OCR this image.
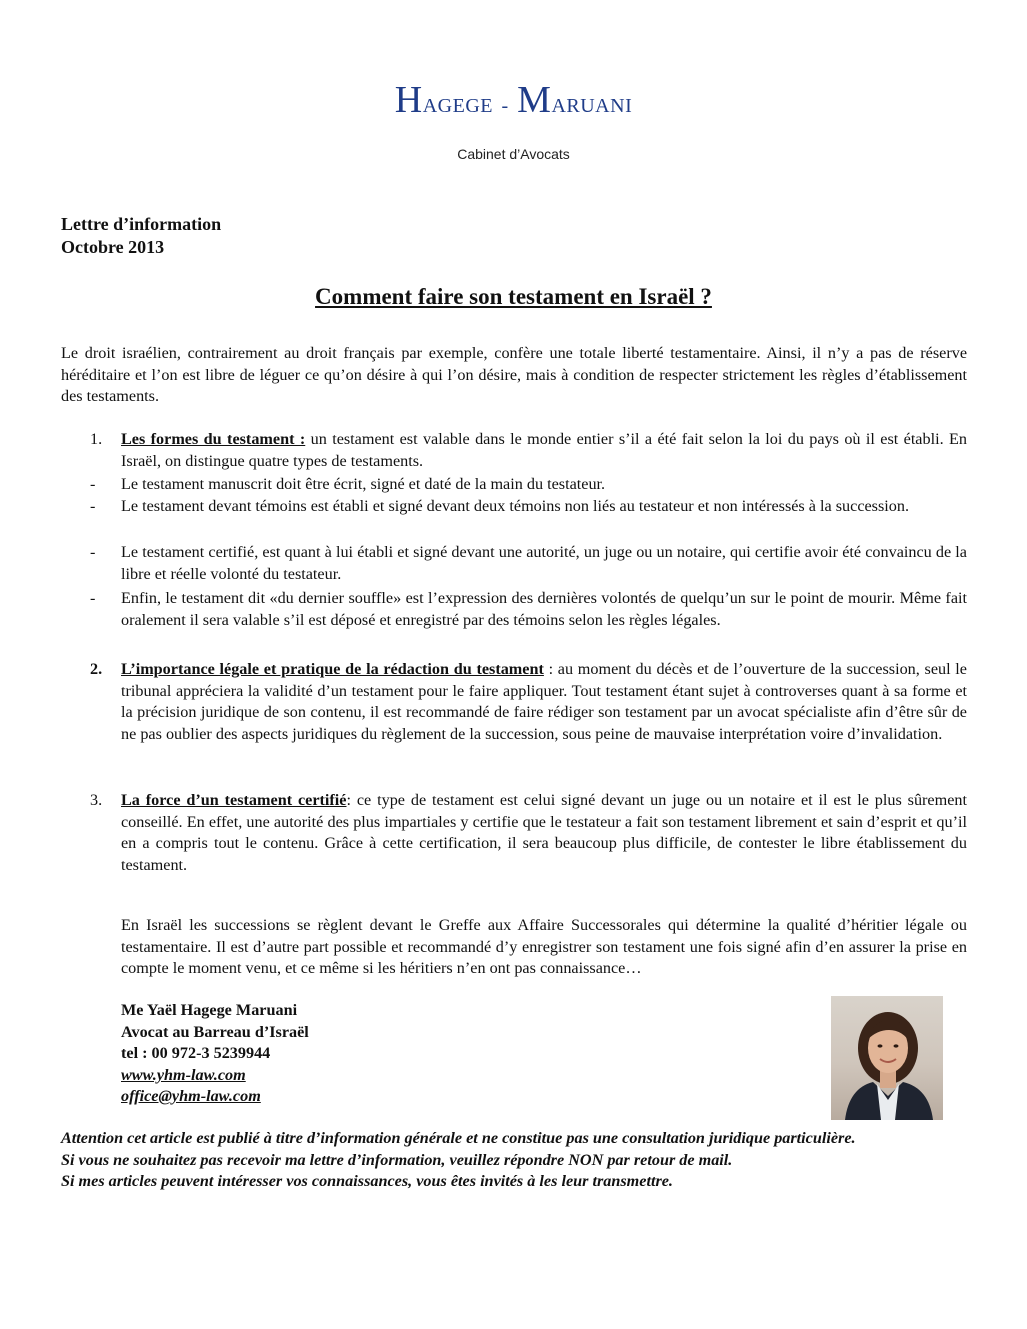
HAGEGE - MARUANI
Cabinet d’Avocats
Lettre d’information
Octobre 2013
Comment faire son testament en Israël ?
Le droit israélien, contrairement au droit français par exemple, confère une totale liberté testamentaire. Ainsi, il n’y a pas de réserve héréditaire et l’on est libre de léguer ce qu’on désire à qui l’on désire, mais à condition de respecter strictement les règles d’établissement des testaments.
1. Les formes du testament : un testament est valable dans le monde entier s’il a été fait selon la loi du pays où il est établi. En Israël, on distingue quatre types de testaments.
- Le testament manuscrit doit être écrit, signé et daté de la main du testateur.
- Le testament devant témoins est établi et signé devant deux témoins non liés au testateur et non intéressés à la succession.
- Le testament certifié, est quant à lui établi et signé devant une autorité, un juge ou un notaire, qui certifie avoir été convaincu de la libre et réelle volonté du testateur.
- Enfin, le testament dit «du dernier souffle» est l’expression des dernières volontés de quelqu’un sur le point de mourir. Même fait oralement il sera valable s’il est déposé et enregistré par des témoins selon les règles légales.
2. L’importance légale et pratique de la rédaction du testament : au moment du décès et de l’ouverture de la succession, seul le tribunal appréciera la validité d’un testament pour le faire appliquer. Tout testament étant sujet à controverses quant à sa forme et la précision juridique de son contenu, il est recommandé de faire rédiger son testament par un avocat spécialiste afin d’être sûr de ne pas oublier des aspects juridiques du règlement de la succession, sous peine de mauvaise interprétation voire d’invalidation.
3. La force d’un testament certifié: ce type de testament est celui signé devant un juge ou un notaire et il est le plus sûrement conseillé. En effet, une autorité des plus impartiales y certifie que le testateur a fait son testament librement et sain d’esprit et qu’il en a compris tout le contenu. Grâce à cette certification, il sera beaucoup plus difficile, de contester le libre établissement du testament.
En Israël les successions se règlent devant le Greffe aux Affaire Successorales qui détermine la qualité d’héritier légale ou testamentaire. Il est d’autre part possible et recommandé d’y enregistrer son testament une fois signé afin d’en assurer la prise en compte le moment venu, et ce même si les héritiers n’en ont pas connaissance…
Me Yaël Hagege Maruani
Avocat au Barreau d’Israël
tel : 00 972-3 5239944
www.yhm-law.com
office@yhm-law.com
Attention cet article est publié à titre d’information générale et ne constitue pas une consultation juridique particulière.
Si vous ne souhaitez pas recevoir ma lettre d’information, veuillez répondre NON par retour de mail.
Si mes articles peuvent intéresser vos connaissances, vous êtes invités à les leur transmettre.
